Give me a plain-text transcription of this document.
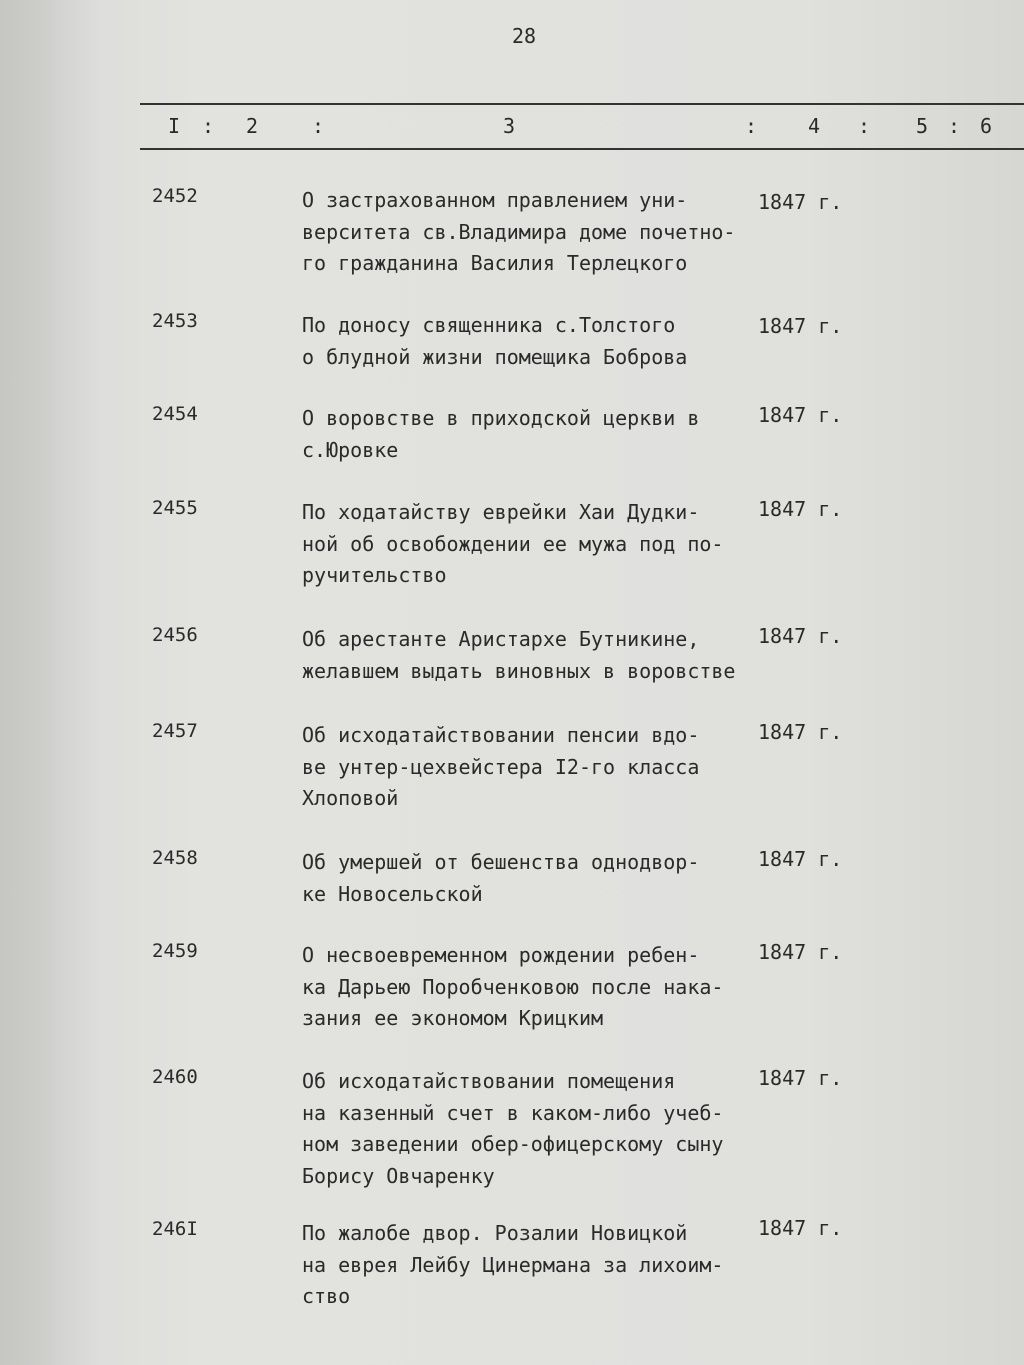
28
I : 2	:	3	:	4 : 5 : 6
2452	О застрахованном правлением уни-
верситета св.Владимира доме почетно-
го гражданина Василия Терлецкого
1847 г.
2453	По доносу священника с.Толстого
о блудной жизни помещика Боброва
1847 г.
2454	О воровстве в приходской церкви в
с.Юровке
1847 г.
2455	По ходатайству еврейки Хаи Дудки-
ной об освобождении ее мужа под по-
ручительство
1847 г.
2456	Об арестанте Аристархе Бутникине,
желавшем выдать виновных в воровстве
1847 г.
2457	Об исходатайствовании пенсии вдо-
ве унтер-цехвейстера I2-го класса
Хлоповой
1847 г.
2458	Об умершей от бешенства однодвор-
ке Новосельской
1847 г.
2459	О несвоевременном рождении ребен-
ка Дарьею Поробченковою после нака-
зания ее экономом Крицким
1847 г.
2460	Об исходатайствовании помещения
на казенный счет в каком-либо учеб-
ном заведении обер-офицерскому сыну
Борису Овчаренку
1847 г.
246I	По жалобе двор. Розалии Новицкой
на еврея Лейбу Цинермана за лихоим-
ство
1847 г.
